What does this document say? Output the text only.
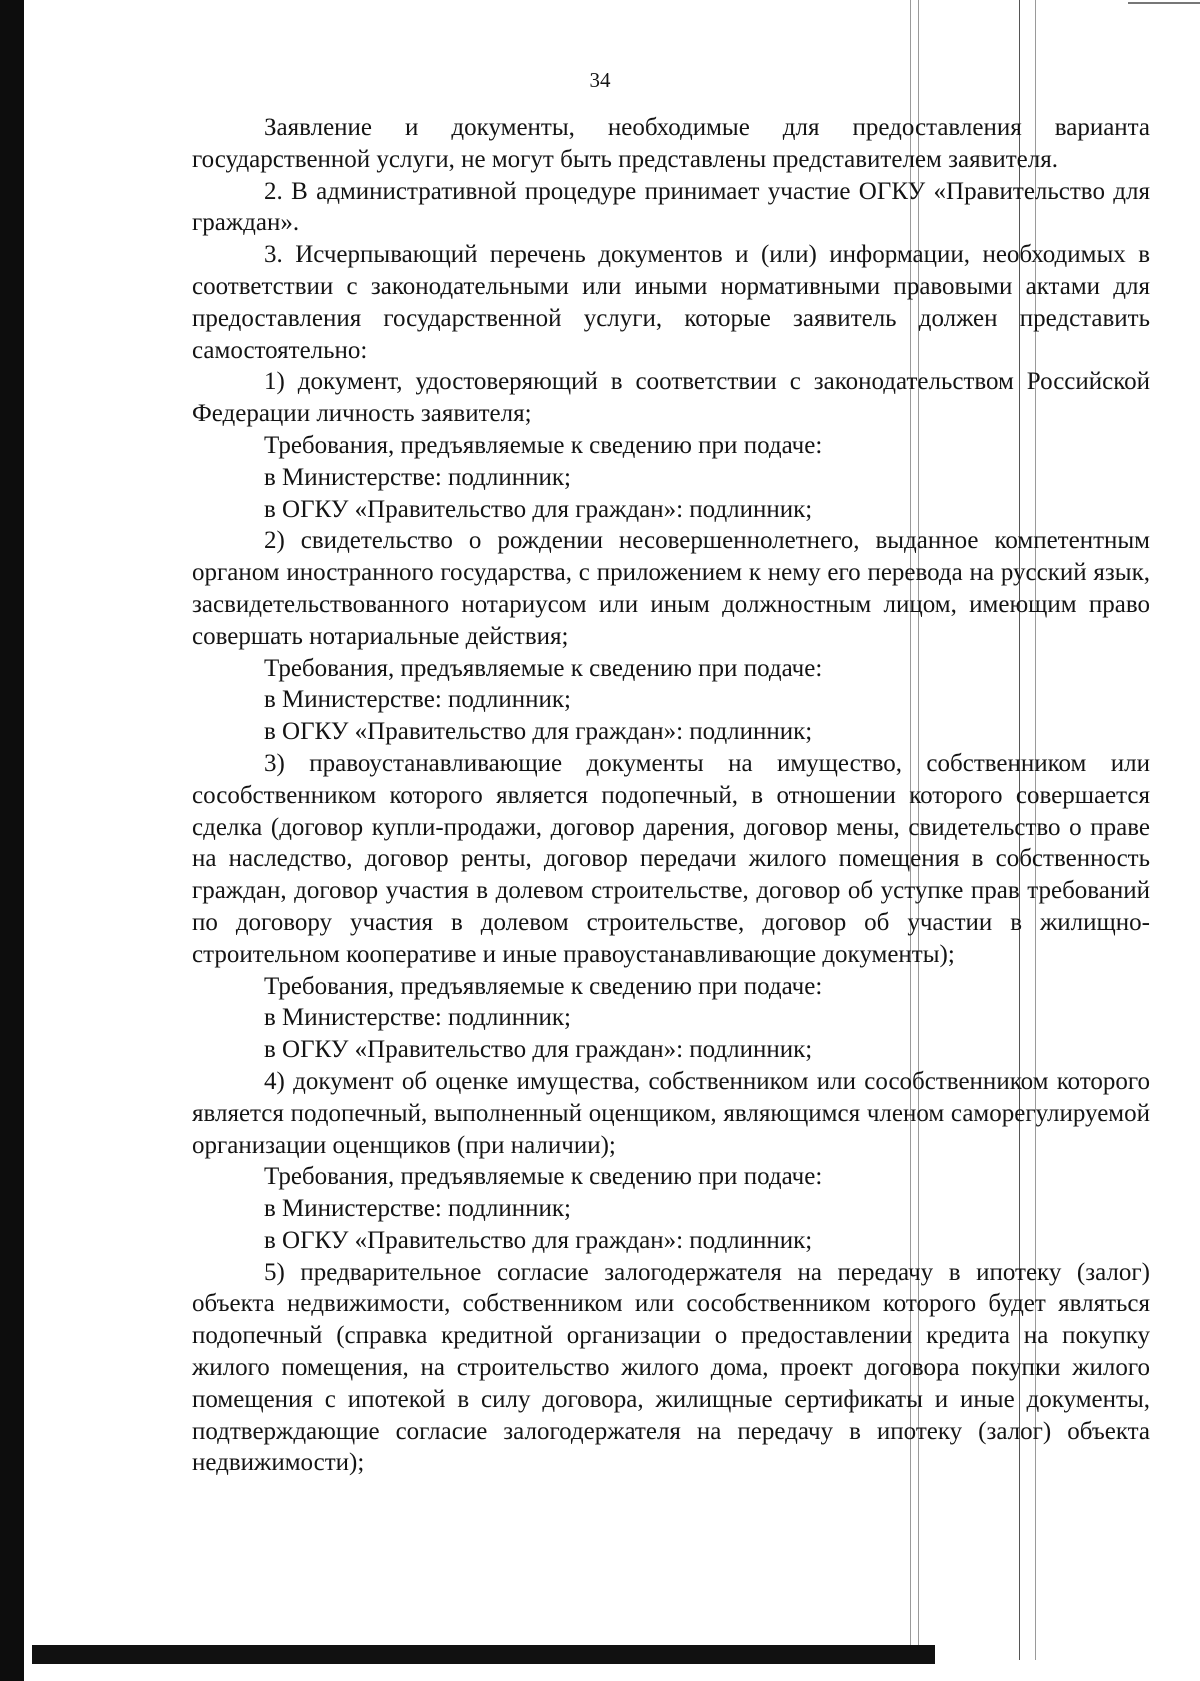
34

Заявление и документы, необходимые для предоставления варианта государственной услуги, не могут быть представлены представителем заявителя.

2. В административной процедуре принимает участие ОГКУ «Правительство для граждан».

3. Исчерпывающий перечень документов и (или) информации, необходимых в соответствии с законодательными или иными нормативными правовыми актами для предоставления государственной услуги, которые заявитель должен представить самостоятельно:

1) документ, удостоверяющий в соответствии с законодательством Российской Федерации личность заявителя;

Требования, предъявляемые к сведению при подаче:

в Министерстве: подлинник;

в ОГКУ «Правительство для граждан»: подлинник;

2) свидетельство о рождении несовершеннолетнего, выданное компетентным органом иностранного государства, с приложением к нему его перевода на русский язык, засвидетельствованного нотариусом или иным должностным лицом, имеющим право совершать нотариальные действия;

Требования, предъявляемые к сведению при подаче:

в Министерстве: подлинник;

в ОГКУ «Правительство для граждан»: подлинник;

3) правоустанавливающие документы на имущество, собственником или сособственником которого является подопечный, в отношении которого совершается сделка (договор купли-продажи, договор дарения, договор мены, свидетельство о праве на наследство, договор ренты, договор передачи жилого помещения в собственность граждан, договор участия в долевом строительстве, договор об уступке прав требований по договору участия в долевом строительстве, договор об участии в жилищно-строительном кооперативе и иные правоустанавливающие документы);

Требования, предъявляемые к сведению при подаче:

в Министерстве: подлинник;

в ОГКУ «Правительство для граждан»: подлинник;

4) документ об оценке имущества, собственником или сособственником которого является подопечный, выполненный оценщиком, являющимся членом саморегулируемой организации оценщиков (при наличии);

Требования, предъявляемые к сведению при подаче:

в Министерстве: подлинник;

в ОГКУ «Правительство для граждан»: подлинник;

5) предварительное согласие залогодержателя на передачу в ипотеку (залог) объекта недвижимости, собственником или сособственником которого будет являться подопечный (справка кредитной организации о предоставлении кредита на покупку жилого помещения, на строительство жилого дома, проект договора покупки жилого помещения с ипотекой в силу договора, жилищные сертификаты и иные документы, подтверждающие согласие залогодержателя на передачу в ипотеку (залог) объекта недвижимости);
